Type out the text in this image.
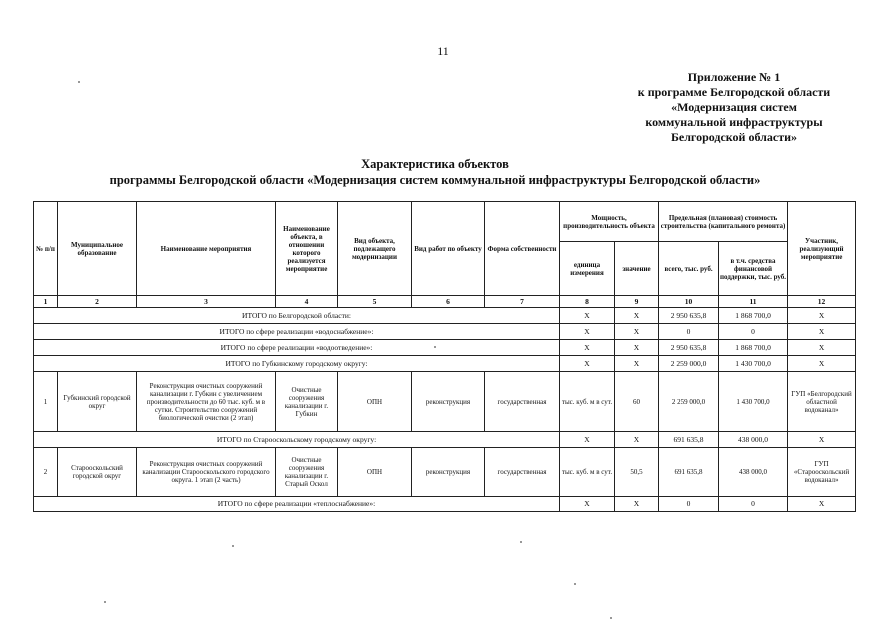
11
Приложение № 1
к программе Белгородской области
«Модернизация систем
коммунальной инфраструктуры
Белгородской области»
Характеристика объектов
программы Белгородской области «Модернизация систем коммунальной инфраструктуры Белгородской области»
№ п/п	Муниципальное образование	Наименование мероприятия	Наименование объекта, в отношении которого реализуется мероприятие	Вид объекта, подлежащего модернизации	Вид работ по объекту	Форма собственности	Мощность, производительность объекта		Предельная (плановая) стоимость строительства (капитального ремонта)		Участник, реализующий мероприятие
							единица измерения	значение	всего, тыс. руб.	в т.ч. средства финансовой поддержки, тыс. руб.	
1	2	3	4	5	6	7	8	9	10	11	12
ИТОГО по Белгородской области:							X	X	2 950 635,8	1 868 700,0	X
ИТОГО по сфере реализации «водоснабжение»:							X	X	0	0	X
ИТОГО по сфере реализации «водоотведение»:							X	X	2 950 635,8	1 868 700,0	X
ИТОГО по Губкинскому городскому округу:							X	X	2 259 000,0	1 430 700,0	X
1	Губкинский городской округ	Реконструкция очистных сооружений канализации г. Губкин с увеличением производительности до 60 тыс. куб. м в сутки. Строительство сооружений биологической очистки (2 этап)	Очистные сооружения канализации г. Губкин	ОПН	реконструкция	государственная	тыс. куб. м в сут.	60	2 259 000,0	1 430 700,0	ГУП «Белгородский областной водоканал»
ИТОГО по Старооскольскому городскому округу:							X	X	691 635,8	438 000,0	X
2	Старооскольский городской округ	Реконструкция очистных сооружений канализации Старооскольского городского округа. 1 этап (2 часть)	Очистные сооружения канализации г. Старый Оскол	ОПН	реконструкция	государственная	тыс. куб. м в сут.	50,5	691 635,8	438 000,0	ГУП «Старооскольский водоканал»
ИТОГО по сфере реализации «теплоснабжение»:							X	X	0	0	X
